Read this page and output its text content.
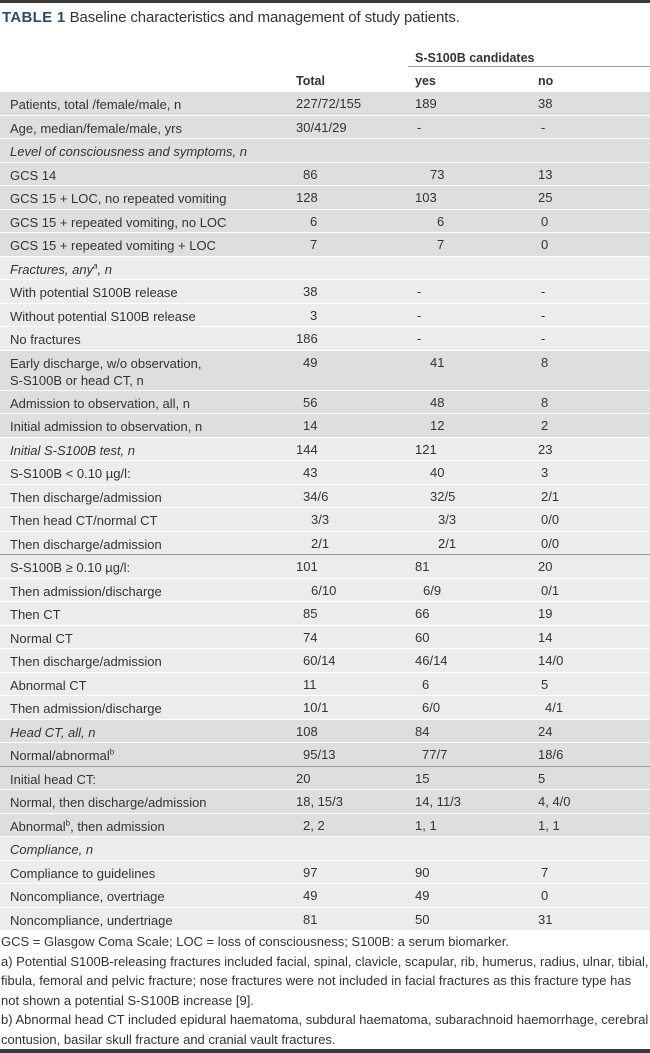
TABLE 1 Baseline characteristics and management of study patients.
S-S100B candidates
Total	yes	no
Patients, total /female/male, n	227/72/155	189	38
Age, median/female/male, yrs	30/41/29	-	-
Level of consciousness and symptoms, n
GCS 14	86	73	13
GCS 15 + LOC, no repeated vomiting	128	103	25
GCS 15 + repeated vomiting, no LOC	6	6	0
GCS 15 + repeated vomiting + LOC	7	7	0
Fractures, any$^a$, n
With potential S100B release	38	-	-
Without potential S100B release	3	-	-
No fractures	186	-	-
Early discharge, w/o observation,
S-S100B or head CT, n
49	41	8
Admission to observation, all, n	56	48	8
Initial admission to observation, n	14	12	2
Initial S-S100B test, n	144	121	23
S-S100B < 0.10 µg/l:	43	40	3
Then discharge/admission	34/6	32/5	2/1
Then head CT/normal CT	3/3	3/3	0/0
Then discharge/admission	2/1	2/1	0/0
S-S100B ≥ 0.10 µg/l:	101	81	20
Then admission/discharge	6/10	6/9	0/1
Then CT	85	66	19
Normal CT	74	60	14
Then discharge/admission	60/14	46/14	14/0
Abnormal CT	11	6	5
Then admission/discharge	10/1	6/0	4/1
Head CT, all, n	108	84	24
Normal/abnormal$^b$	95/13	77/7	18/6
Initial head CT:	20	15	5
Normal, then discharge/admission	18, 15/3	14, 11/3	4, 4/0
Abnormal$^b$, then admission	2, 2	1, 1	1, 1
Compliance, n
Compliance to guidelines	97	90	7
Noncompliance, overtriage	49	49	0
Noncompliance, undertriage	81	50	31

GCS = Glasgow Coma Scale; LOC = loss of consciousness; S100B: a serum biomarker.

a) Potential S100B-releasing fractures included facial, spinal, clavicle, scapular, rib, humerus, radius, ulnar, tibial, fibula, femoral and pelvic fracture; nose fractures were not included in facial fractures as this fracture type has not shown a potential S-S100B increase [9].

b) Abnormal head CT included epidural haematoma, subdural haematoma, subarachnoid haemorrhage, cerebral contusion, basilar skull fracture and cranial vault fractures.
